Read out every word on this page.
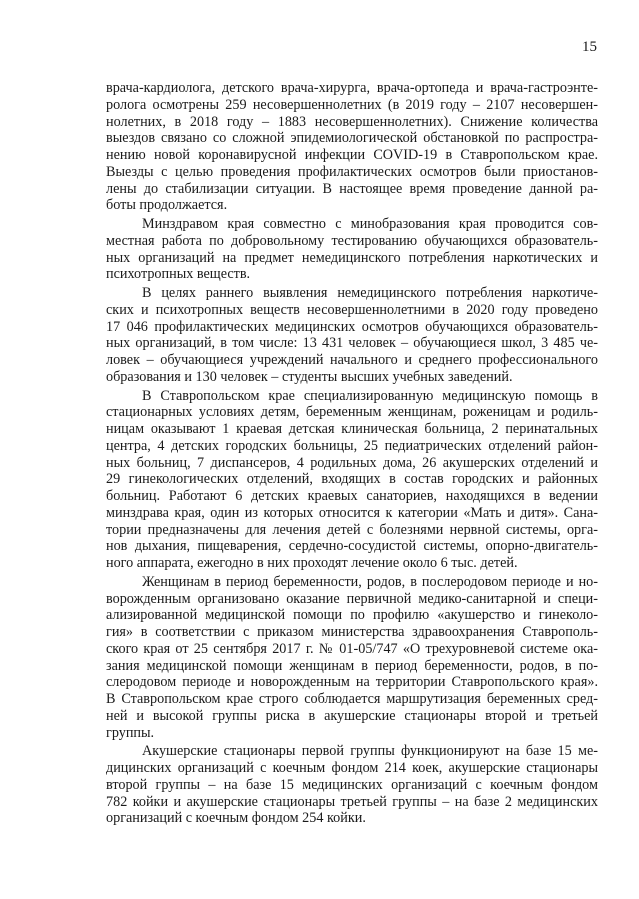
15

врача-кардиолога, детского врача-хирурга, врача-ортопеда и врача-гастроэнте-
ролога осмотрены 259 несовершеннолетних (в 2019 году – 2107 несовершен-
нолетних, в 2018 году – 1883 несовершеннолетних). Снижение количества
выездов связано со сложной эпидемиологической обстановкой по распростра-
нению новой коронавирусной инфекции COVID-19 в Ставропольском крае.
Выезды с целью проведения профилактических осмотров были приостанов-
лены до стабилизации ситуации. В настоящее время проведение данной ра-
боты продолжается.

Минздравом края совместно с минобразования края проводится сов-
местная работа по добровольному тестированию обучающихся образователь-
ных организаций на предмет немедицинского потребления наркотических и
психотропных веществ.

В целях раннего выявления немедицинского потребления наркотиче-
ских и психотропных веществ несовершеннолетними в 2020 году проведено
17 046 профилактических медицинских осмотров обучающихся образователь-
ных организаций, в том числе: 13 431 человек – обучающиеся школ, 3 485 че-
ловек – обучающиеся учреждений начального и среднего профессионального
образования и 130 человек – студенты высших учебных заведений.

В Ставропольском крае специализированную медицинскую помощь в
стационарных условиях детям, беременным женщинам, роженицам и родиль-
ницам оказывают 1 краевая детская клиническая больница, 2 перинатальных
центра, 4 детских городских больницы, 25 педиатрических отделений район-
ных больниц, 7 диспансеров, 4 родильных дома, 26 акушерских отделений и
29 гинекологических отделений, входящих в состав городских и районных
больниц. Работают 6 детских краевых санаториев, находящихся в ведении
минздрава края, один из которых относится к категории «Мать и дитя». Сана-
тории предназначены для лечения детей с болезнями нервной системы, орга-
нов дыхания, пищеварения, сердечно-сосудистой системы, опорно-двигатель-
ного аппарата, ежегодно в них проходят лечение около 6 тыс. детей.

Женщинам в период беременности, родов, в послеродовом периоде и но-
ворожденным организовано оказание первичной медико-санитарной и специ-
ализированной медицинской помощи по профилю «акушерство и гинеколо-
гия» в соответствии с приказом министерства здравоохранения Ставрополь-
ского края от 25 сентября 2017 г. № 01-05/747 «О трехуровневой системе ока-
зания медицинской помощи женщинам в период беременности, родов, в по-
слеродовом периоде и новорожденным на территории Ставропольского края».
В Ставропольском крае строго соблюдается маршрутизация беременных сред-
ней и высокой группы риска в акушерские стационары второй и третьей
группы.

Акушерские стационары первой группы функционируют на базе 15 ме-
дицинских организаций с коечным фондом 214 коек, акушерские стационары
второй группы – на базе 15 медицинских организаций с коечным фондом
782 койки и акушерские стационары третьей группы – на базе 2 медицинских
организаций с коечным фондом 254 койки.
